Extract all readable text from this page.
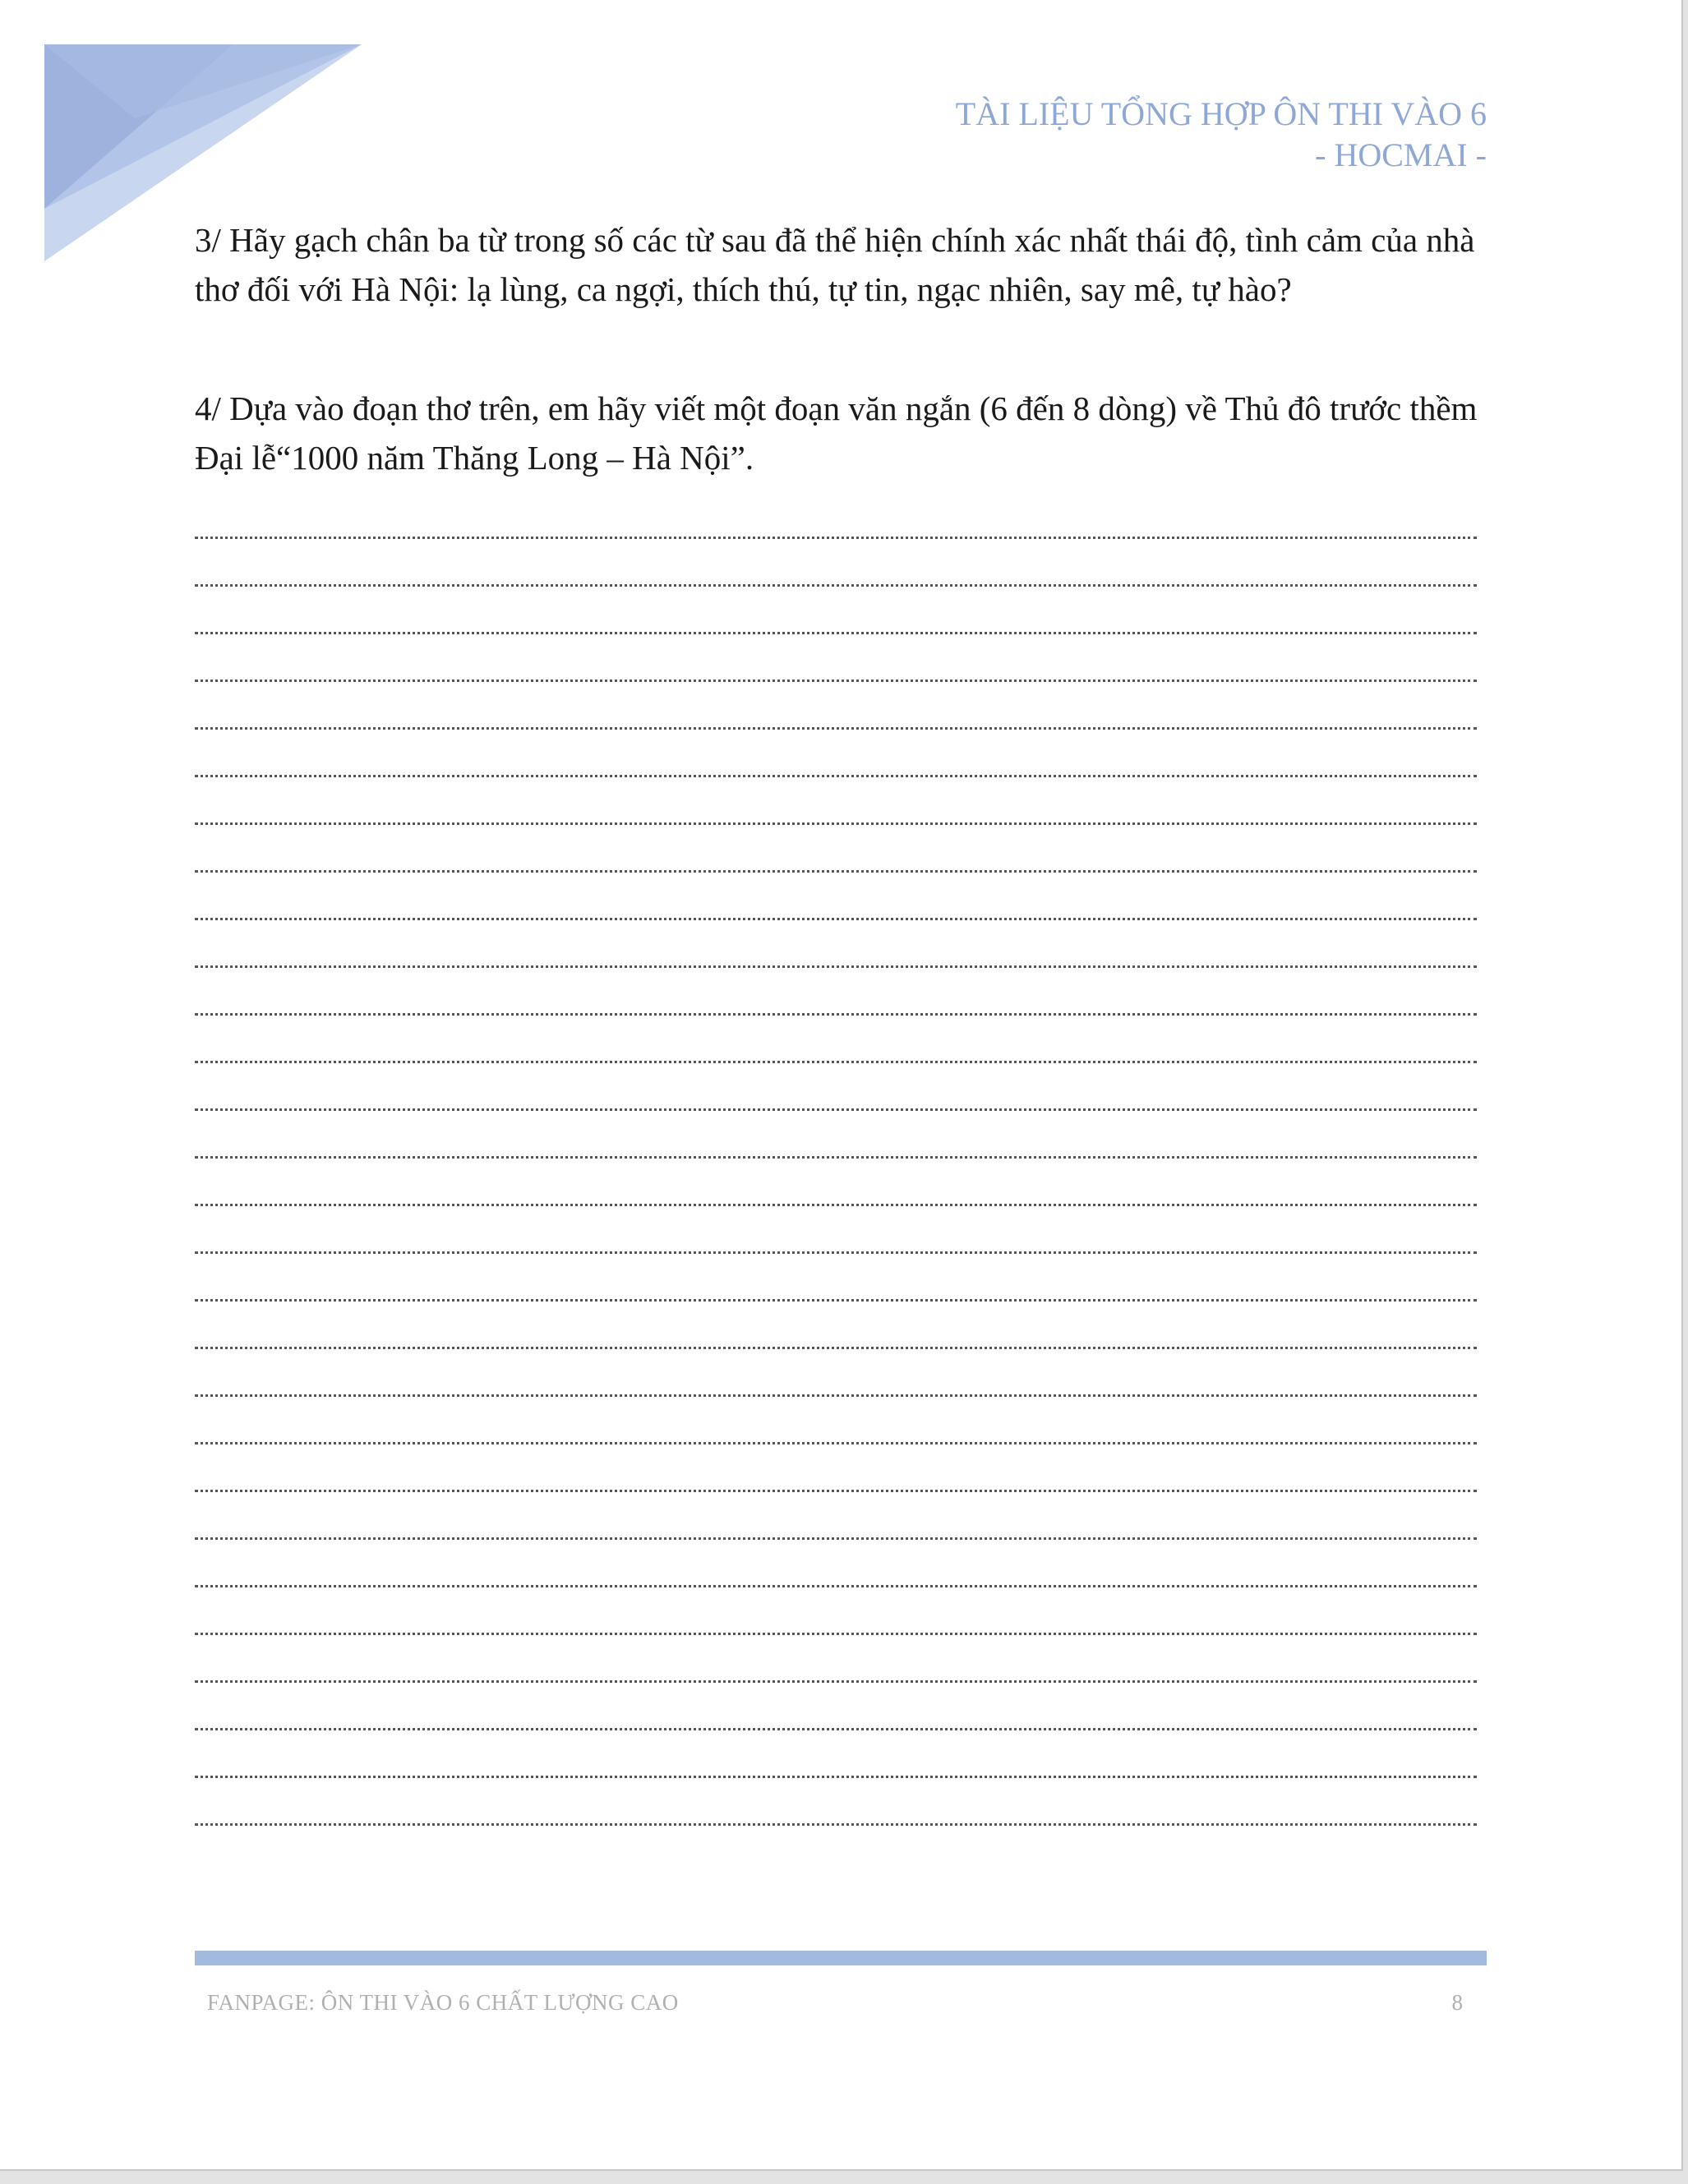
TÀI LIỆU TỔNG HỢP ÔN THI VÀO 6
- HOCMAI -

3/ Hãy gạch chân ba từ trong số các từ sau đã thể hiện chính xác nhất thái độ, tình cảm của nhà thơ đối với Hà Nội: lạ lùng, ca ngợi, thích thú, tự tin, ngạc nhiên, say mê, tự hào?

4/ Dựa vào đoạn thơ trên, em hãy viết một đoạn văn ngắn (6 đến 8 dòng) về Thủ đô trước thềm Đại lễ“1000 năm Thăng Long – Hà Nội”.

FANPAGE: ÔN THI VÀO 6 CHẤT LƯỢNG CAO	8
